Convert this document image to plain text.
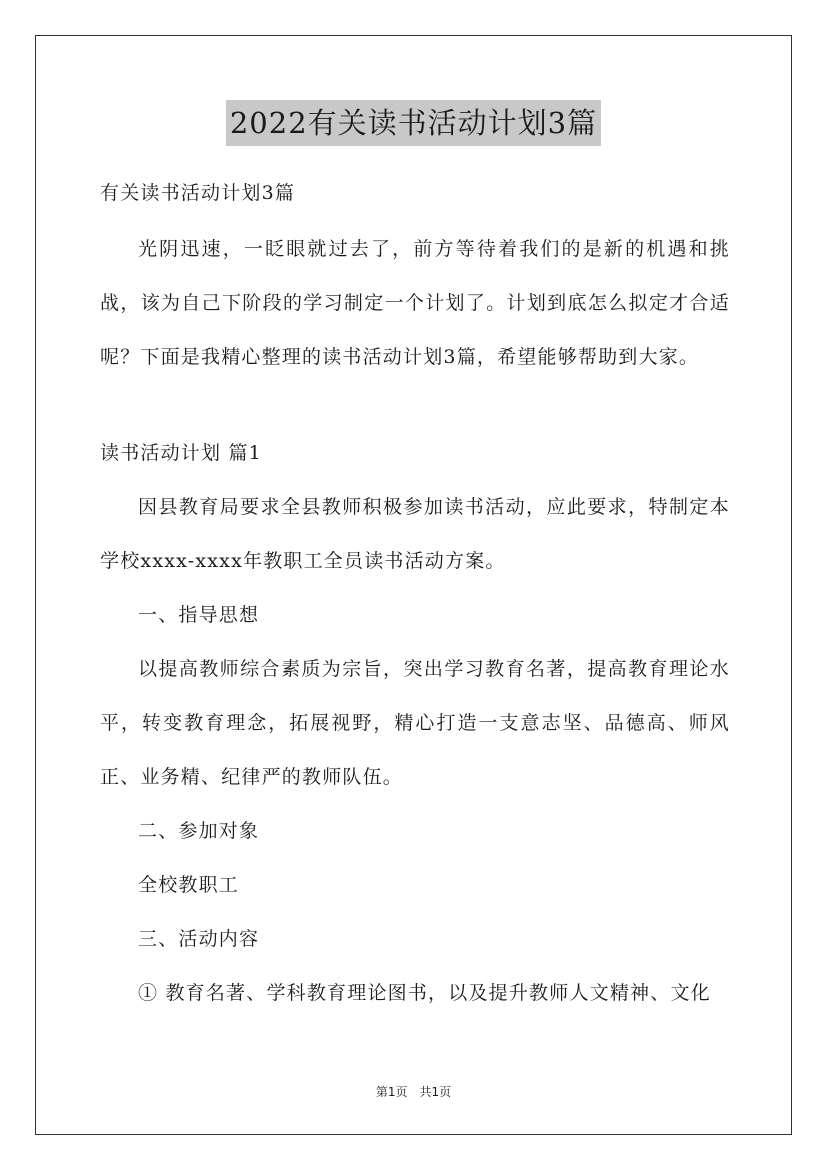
2022有关读书活动计划3篇

有关读书活动计划3篇

光阴迅速，一眨眼就过去了，前方等待着我们的是新的机遇和挑战，该为自己下阶段的学习制定一个计划了。计划到底怎么拟定才合适呢？下面是我精心整理的读书活动计划3篇，希望能够帮助到大家。

读书活动计划 篇1

因县教育局要求全县教师积极参加读书活动，应此要求，特制定本学校xxxx-xxxx年教职工全员读书活动方案。

一、指导思想

以提高教师综合素质为宗旨，突出学习教育名著，提高教育理论水平，转变教育理念，拓展视野，精心打造一支意志坚、品德高、师风正、业务精、纪律严的教师队伍。

二、参加对象

全校教职工

三、活动内容

① 教育名著、学科教育理论图书，以及提升教师人文精神、文化

第1页　共1页
